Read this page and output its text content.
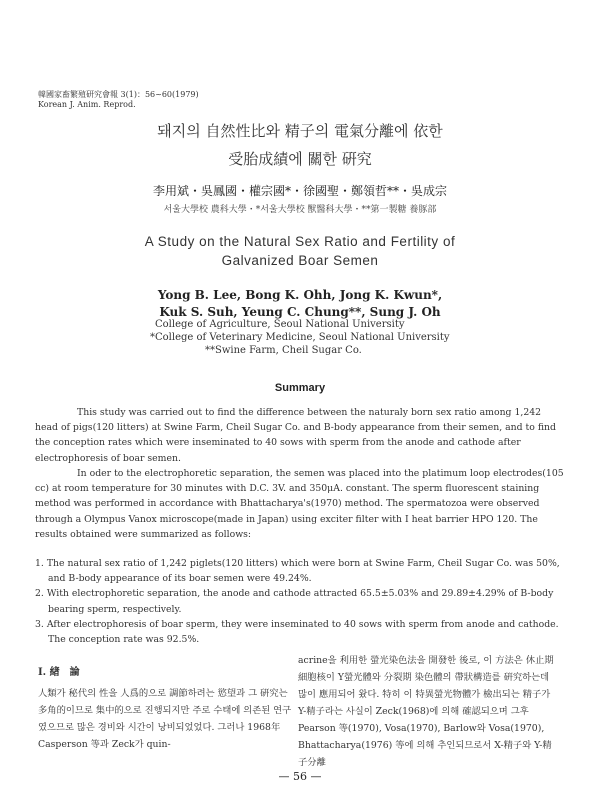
韓國家畜繁殖研究會報 3(1)：56~60(1979)
Korean J. Anim. Reprod.
돼지의 自然性比와 精子의 電氣分離에 依한
受胎成績에 關한 硏究
李用斌・吳鳳國・權宗國*・徐國聖・鄭領哲**・吳成宗
서울大學校 農科大學・*서울大學校 獸醫科大學・**第一製糖 養豚部
A Study on the Natural Sex Ratio and Fertility of
Galvanized Boar Semen
Yong B. Lee, Bong K. Ohh, Jong K. Kwun*,
Kuk S. Suh, Yeung C. Chung**, Sung J. Oh
College of Agriculture, Seoul National University
*College of Veterinary Medicine, Seoul National University
**Swine Farm, Cheil Sugar Co.
Summary
This study was carried out to find the difference between the naturaly born sex ratio among 1,242 head of pigs(120 litters) at Swine Farm, Cheil Sugar Co. and B-body appearance from their semen, and to find the conception rates which were inseminated to 40 sows with sperm from the anode and cathode after electrophoresis of boar semen.
In oder to the electrophoretic separation, the semen was placed into the platimum loop electrodes(105 cc) at room temperature for 30 minutes with D.C. 3V. and 350μA. constant. The sperm fluorescent staining method was performed in accordance with Bhattacharya's(1970) method. The spermatozoa were observed through a Olympus Vanox microscope(made in Japan) using exciter filter with I heat barrier HPO 120. The results obtained were summarized as follows:
1. The natural sex ratio of 1,242 piglets(120 litters) which were born at Swine Farm, Cheil Sugar Co. was 50%, and B-body appearance of its boar semen were 49.24%.
2. With electrophoretic separation, the anode and cathode attracted 65.5±5.03% and 29.89±4.29% of B-body bearing sperm, respectively.
3. After electrophoresis of boar sperm, they were inseminated to 40 sows with sperm from anode and cathode. The conception rate was 92.5%.
I. 緖　論
人類가 秘代의 性을 人爲的으로 調節하려는 慾望과 그 硏究는 多角的이므로 集中的으로 진행되지만 주로 수태에 의존된 연구였으므로 많은 경비와 시간이 낭비되었었다. 그러나 1968年 Casperson 等과 Zeck가 quin-
acrine을 利用한 螢光染色法을 開發한 後로, 이 方法은 休止期 細胞核이 Y螢光體와 分裂期 染色體의 帶狀構造를 硏究하는데 많이 應用되어 왔다. 特히 이 特異螢光物體가 檢出되는 精子가 Y-精子라는 사실이 Zeck(1968)에 의해 確認되으며 그후 Pearson 等(1970), Vosa(1970), Barlow와 Vosa(1970), Bhattacharya(1976) 等에 의해 추인되므로서 X-精子와 Y-精子分離
— 56 —
